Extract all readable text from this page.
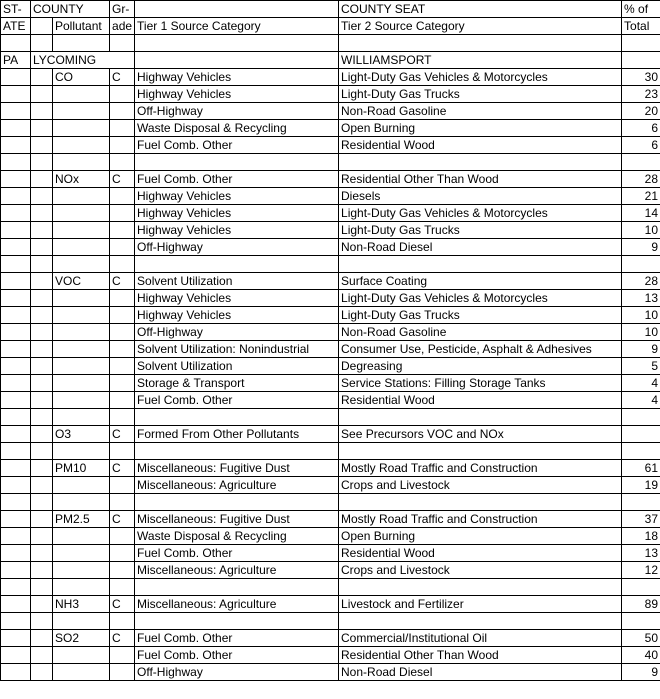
ST-	COUNTY		Gr-		COUNTY SEAT	% of
ATE		Pollutant	ade	Tier 1 Source Category	Tier 2 Source Category	Total

PA	LYCOMING				WILLIAMSPORT	
		CO	C	Highway Vehicles	Light-Duty Gas Vehicles & Motorcycles	30
				Highway Vehicles	Light-Duty Gas Trucks	23
				Off-Highway	Non-Road Gasoline	20
				Waste Disposal & Recycling	Open Burning	6
				Fuel Comb. Other	Residential Wood	6

		NOx	C	Fuel Comb. Other	Residential Other Than Wood	28
				Highway Vehicles	Diesels	21
				Highway Vehicles	Light-Duty Gas Vehicles & Motorcycles	14
				Highway Vehicles	Light-Duty Gas Trucks	10
				Off-Highway	Non-Road Diesel	9

		VOC	C	Solvent Utilization	Surface Coating	28
				Highway Vehicles	Light-Duty Gas Vehicles & Motorcycles	13
				Highway Vehicles	Light-Duty Gas Trucks	10
				Off-Highway	Non-Road Gasoline	10
				Solvent Utilization: Nonindustrial	Consumer Use, Pesticide, Asphalt & Adhesives	9
				Solvent Utilization	Degreasing	5
				Storage & Transport	Service Stations: Filling Storage Tanks	4
				Fuel Comb. Other	Residential Wood	4

		O3	C	Formed From Other Pollutants	See Precursors VOC and NOx	

		PM10	C	Miscellaneous: Fugitive Dust	Mostly Road Traffic and Construction	61
				Miscellaneous: Agriculture	Crops and Livestock	19

		PM2.5	C	Miscellaneous: Fugitive Dust	Mostly Road Traffic and Construction	37
				Waste Disposal & Recycling	Open Burning	18
				Fuel Comb. Other	Residential Wood	13
				Miscellaneous: Agriculture	Crops and Livestock	12

		NH3	C	Miscellaneous: Agriculture	Livestock and Fertilizer	89

		SO2	C	Fuel Comb. Other	Commercial/Institutional Oil	50
				Fuel Comb. Other	Residential Other Than Wood	40
				Off-Highway	Non-Road Diesel	9
